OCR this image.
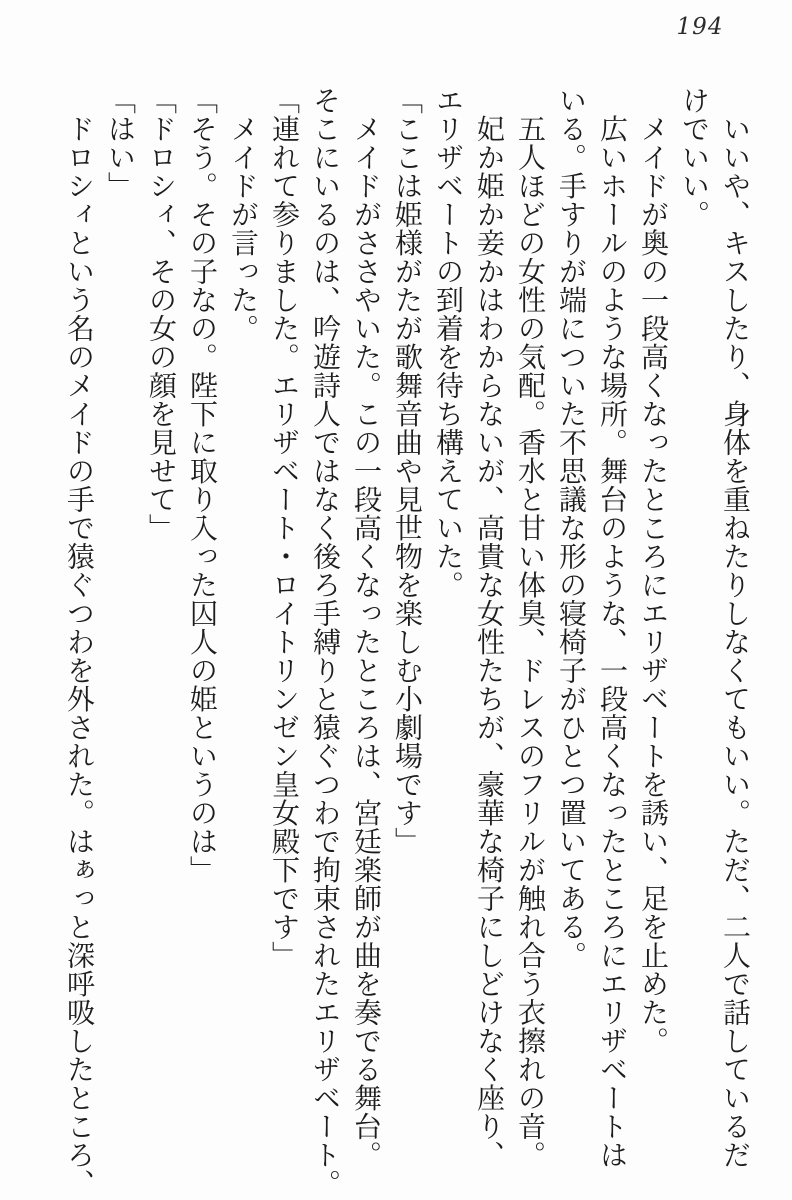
194

　いいや、キスしたり、身体を重ねたりしなくてもいい。ただ、二人で話しているだ

けでいい。

　メイドが奥の一段高くなったところにエリザベートを誘い、足を止めた。

　広いホールのような場所。舞台のような、一段高くなったところにエリザベートは

いる。手すりが端についた不思議な形の寝椅子がひとつ置いてある。

　五人ほどの女性の気配。香水と甘い体臭、ドレスのフリルが触れ合う衣擦れの音。

　妃か姫か妾かはわからないが、高貴な女性たちが、豪華な椅子にしどけなく座り、

エリザベートの到着を待ち構えていた。

「ここは姫様がたが歌舞音曲や見世物を楽しむ小劇場です」

　メイドがささやいた。この一段高くなったところは、宮廷楽師が曲を奏でる舞台。

そこにいるのは、吟遊詩人ではなく後ろ手縛りと猿ぐつわで拘束されたエリザベート。

「連れて参りました。エリザベート・ロイトリンゼン皇女殿下です」

　メイドが言った。

「そう。その子なの。陛下に取り入った囚人の姫というのは」

「ドロシィ、その女の顔を見せて」

「はい」

　ドロシィという名のメイドの手で猿ぐつわを外された。はぁっと深呼吸したところ、
